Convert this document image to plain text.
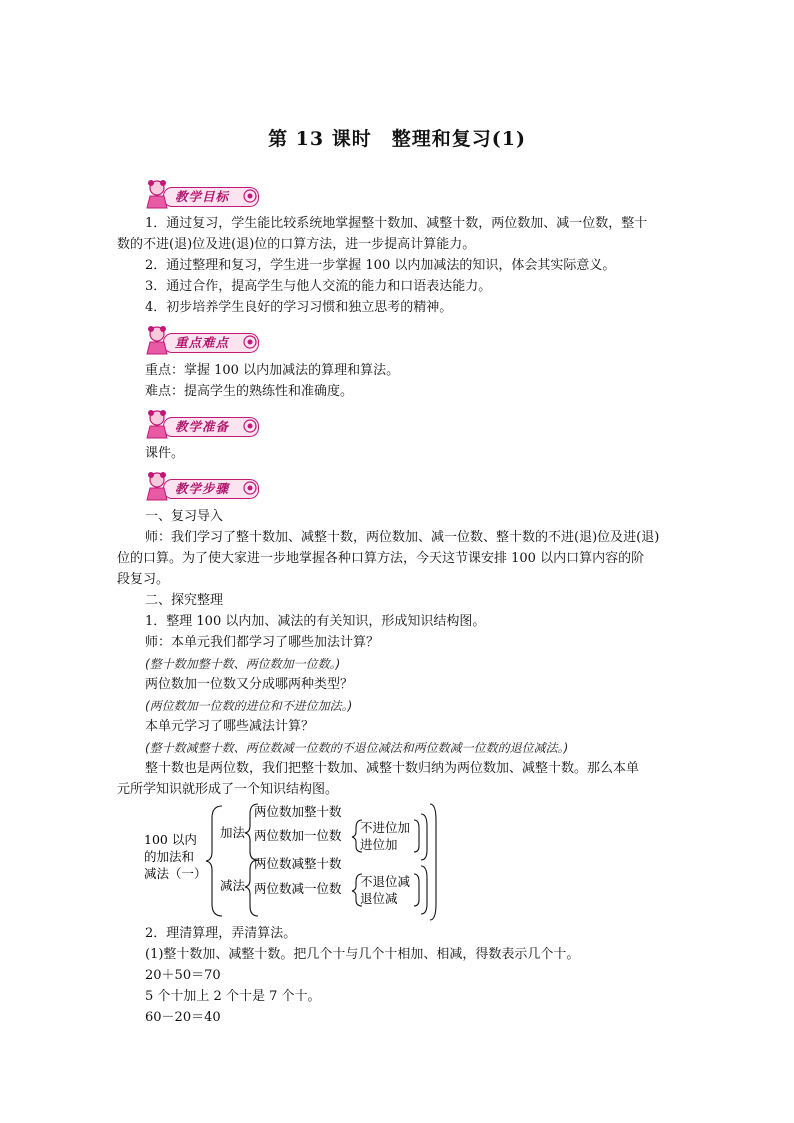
第 13 课时　整理和复习(1)
教学目标
1．通过复习，学生能比较系统地掌握整十数加、减整十数，两位数加、减一位数，整十
数的不进(退)位及进(退)位的口算方法，进一步提高计算能力。
2．通过整理和复习，学生进一步掌握 100 以内加减法的知识，体会其实际意义。
3．通过合作，提高学生与他人交流的能力和口语表达能力。
4．初步培养学生良好的学习习惯和独立思考的精神。
重点难点
重点：掌握 100 以内加减法的算理和算法。
难点：提高学生的熟练性和准确度。
教学准备
课件。
教学步骤
一、复习导入
师：我们学习了整十数加、减整十数，两位数加、减一位数、整十数的不进(退)位及进(退)
位的口算。为了使大家进一步地掌握各种口算方法，今天这节课安排 100 以内口算内容的阶
段复习。
二、探究整理
1．整理 100 以内加、减法的有关知识，形成知识结构图。
师：本单元我们都学习了哪些加法计算？
(整十数加整十数、两位数加一位数。)
两位数加一位数又分成哪两种类型？
(两位数加一位数的进位和不进位加法。)
本单元学习了哪些减法计算？
(整十数减整十数、两位数减一位数的不退位减法和两位数减一位数的退位减法。)
整十数也是两位数，我们把整十数加、减整十数归纳为两位数加、减整十数。那么本单
元所学知识就形成了一个知识结构图。
100 以内
的加法和
减法（一）
加法
减法
两位数加整十数
两位数加一位数
不进位加
进位加
两位数减整十数
两位数减一位数 不退位减
退位减
2．理清算理，弄清算法。
(1)整十数加、减整十数。把几个十与几个十相加、相减，得数表示几个十。
20＋50＝70
5 个十加上 2 个十是 7 个十。
60－20＝40
